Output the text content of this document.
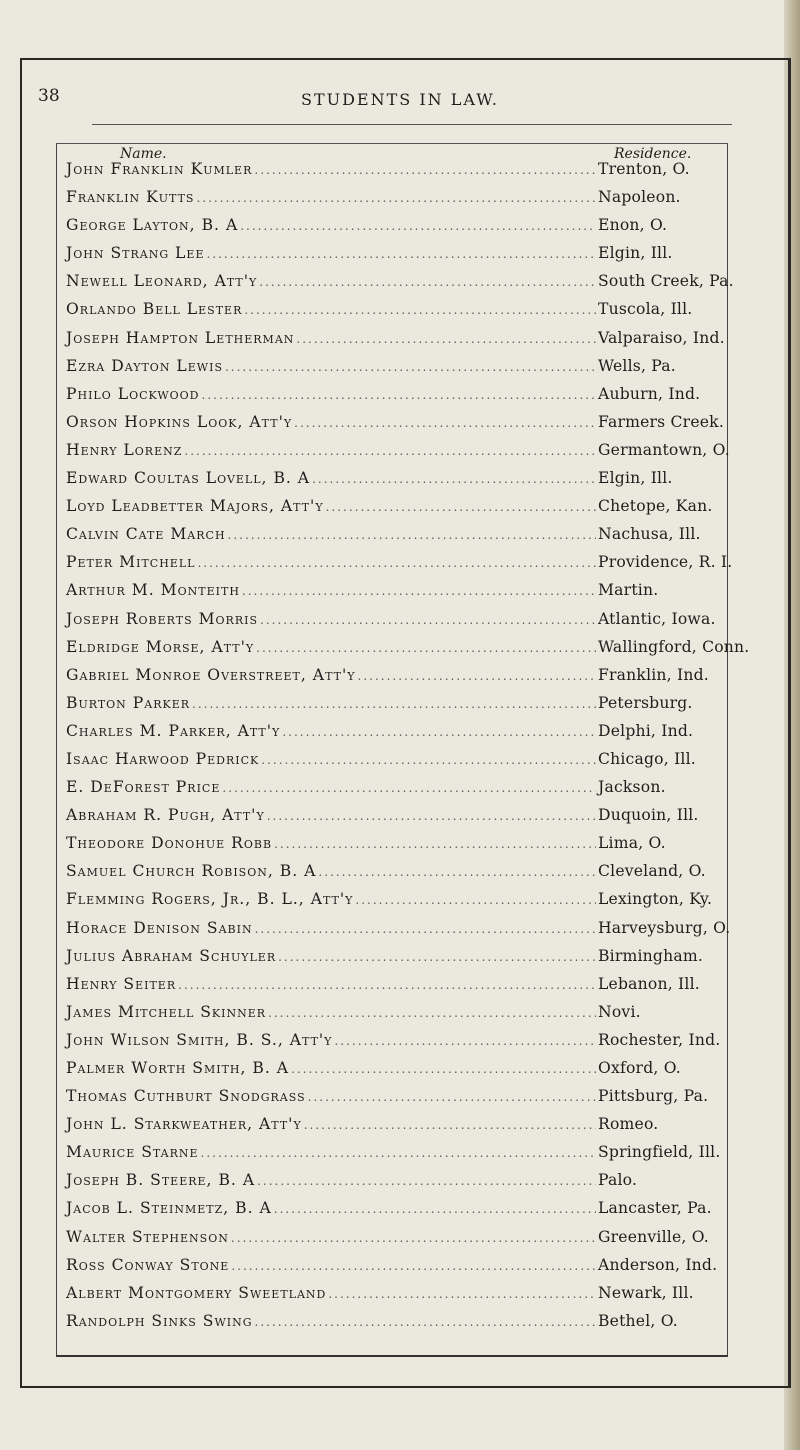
38	STUDENTS IN LAW.
Name.	Residence.
John Franklin Kumler .....	Trenton, O.
Franklin Kutts .....	Napoleon.
George Layton, B. A .....	Enon, O.
John Strang Lee .....	Elgin, Ill.
Newell Leonard, Att'y .....	South Creek, Pa.
Orlando Bell Lester .....	Tuscola, Ill.
Joseph Hampton Letherman .....	Valparaiso, Ind.
Ezra Dayton Lewis .....	Wells, Pa.
Philo Lockwood .....	Auburn, Ind.
Orson Hopkins Look, Att'y .....	Farmers Creek.
Henry Lorenz .....	Germantown, O.
Edward Coultas Lovell, B. A .....	Elgin, Ill.
Loyd Leadbetter Majors, Att'y .....	Chetope, Kan.
Calvin Cate March .....	Nachusa, Ill.
Peter Mitchell .....	Providence, R. I.
Arthur M. Monteith .....	Martin.
Joseph Roberts Morris .....	Atlantic, Iowa.
Eldridge Morse, Att'y .....	Wallingford, Conn.
Gabriel Monroe Overstreet, Att'y .....	Franklin, Ind.
Burton Parker .....	Petersburg.
Charles M. Parker, Att'y .....	Delphi, Ind.
Isaac Harwood Pedrick .....	Chicago, Ill.
E. DeForest Price .....	Jackson.
Abraham R. Pugh, Att'y .....	Duquoin, Ill.
Theodore Donohue Robb .....	Lima, O.
Samuel Church Robison, B. A .....	Cleveland, O.
Flemming Rogers, Jr., B. L., Att'y .....	Lexington, Ky.
Horace Denison Sabin .....	Harveysburg, O.
Julius Abraham Schuyler .....	Birmingham.
Henry Seiter .....	Lebanon, Ill.
James Mitchell Skinner .....	Novi.
John Wilson Smith, B. S., Att'y .....	Rochester, Ind.
Palmer Worth Smith, B. A .....	Oxford, O.
Thomas Cuthburt Snodgrass .....	Pittsburg, Pa.
John L. Starkweather, Att'y .....	Romeo.
Maurice Starne .....	Springfield, Ill.
Joseph B. Steere, B. A .....	Palo.
Jacob L. Steinmetz, B. A .....	Lancaster, Pa.
Walter Stephenson .....	Greenville, O.
Ross Conway Stone .....	Anderson, Ind.
Albert Montgomery Sweetland .....	Newark, Ill.
Randolph Sinks Swing .....	Bethel, O.
